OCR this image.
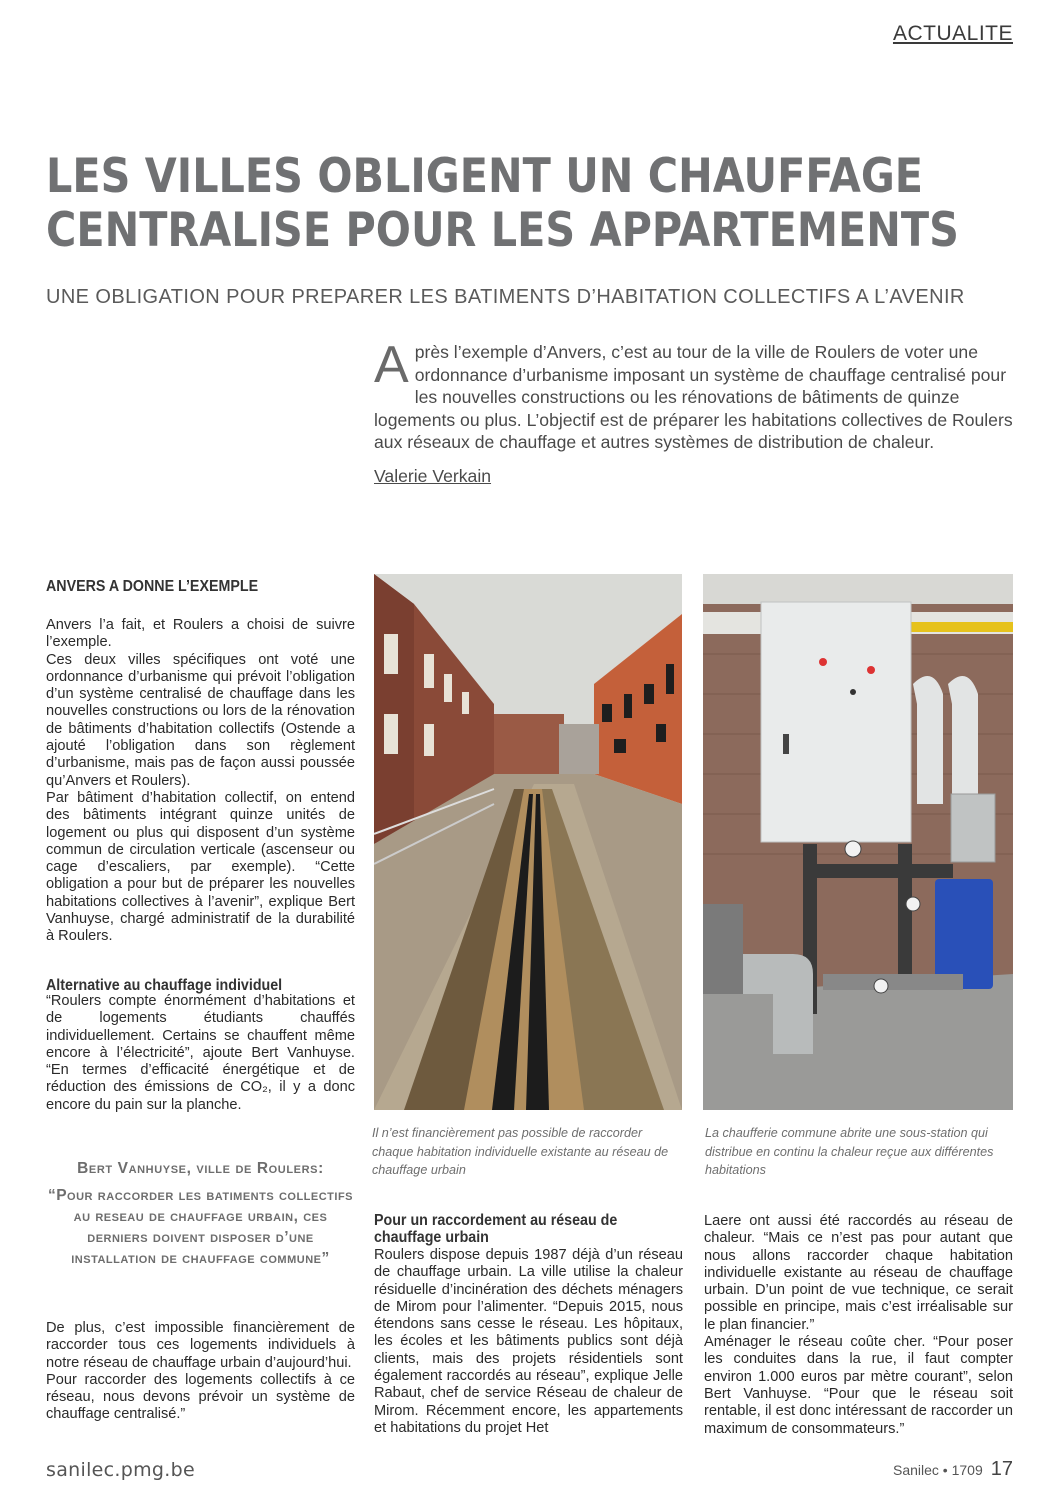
ACTUALITE
LES VILLES OBLIGENT UN CHAUFFAGE
CENTRALISE POUR LES APPARTEMENTS
UNE OBLIGATION POUR PREPARER LES BATIMENTS D’HABITATION COLLECTIFS A L’AVENIR

Après l’exemple d’Anvers, c’est au tour de la ville de Roulers de voter une ordonnance d’urbanisme imposant un système de chauffage centralisé pour les nouvelles constructions ou les rénovations de bâtiments de quinze logements ou plus. L’objectif est de préparer les habitations collectives de Roulers aux réseaux de chauffage et autres systèmes de distribution de chaleur.

Valerie Verkain
ANVERS A DONNE L’EXEMPLE

Anvers l’a fait, et Roulers a choisi de suivre l’exemple.

Ces deux villes spécifiques ont voté une ordonnance d’urbanisme qui prévoit l’obligation d’un système centralisé de chauffage dans les nouvelles constructions ou lors de la rénovation de bâtiments d’habitation collectifs (Ostende a ajouté l’obligation dans son règlement d’urbanisme, mais pas de façon aussi poussée qu’Anvers et Roulers).

Par bâtiment d’habitation collectif, on entend des bâtiments intégrant quinze unités de logement ou plus qui disposent d’un système commun de circulation verticale (ascenseur ou cage d’escaliers, par exemple). “Cette obligation a pour but de préparer les nouvelles habitations collectives à l’avenir”, explique Bert Vanhuyse, chargé administratif de la durabilité à Roulers.

Alternative au chauffage individuel

“Roulers compte énormément d’habitations et de logements étudiants chauffés individuellement. Certains se chauffent même encore à l’électricité”, ajoute Bert Vanhuyse. “En termes d’efficacité énergétique et de réduction des émissions de CO₂, il y a donc encore du pain sur la planche.

Bert Vanhuyse, ville de Roulers:
“Pour raccorder les batiments collectifs au reseau de chauffage urbain, ces derniers doivent disposer d’une installation de chauffage commune”

De plus, c’est impossible financièrement de raccorder tous ces logements individuels à notre réseau de chauffage urbain d’aujourd’hui.

Pour raccorder des logements collectifs à ce réseau, nous devons prévoir un système de chauffage centralisé.”

Il n’est financièrement pas possible de raccorder chaque habitation individuelle existante au réseau de chauffage urbain
La chaufferie commune abrite une sous-station qui distribue en continu la chaleur reçue aux différentes habitations
Pour un raccordement au réseau de chauffage urbain

Roulers dispose depuis 1987 déjà d’un réseau de chauffage urbain. La ville utilise la chaleur résiduelle d’incinération des déchets ménagers de Mirom pour l’alimenter. “Depuis 2015, nous étendons sans cesse le réseau. Les hôpitaux, les écoles et les bâtiments publics sont déjà clients, mais des projets résidentiels sont également raccordés au réseau”, explique Jelle Rabaut, chef de service Réseau de chaleur de Mirom. Récemment encore, les appartements et habitations du projet Het

Laere ont aussi été raccordés au réseau de chaleur. “Mais ce n’est pas pour autant que nous allons raccorder chaque habitation individuelle existante au réseau de chauffage urbain. D’un point de vue technique, ce serait possible en principe, mais c’est irréalisable sur le plan financier.”

Aménager le réseau coûte cher. “Pour poser les conduites dans la rue, il faut compter environ 1.000 euros par mètre courant”, selon Bert Vanhuyse. “Pour que le réseau soit rentable, il est donc intéressant de raccorder un maximum de consommateurs.”

sanilec.pmg.be	Sanilec • 1709 17
